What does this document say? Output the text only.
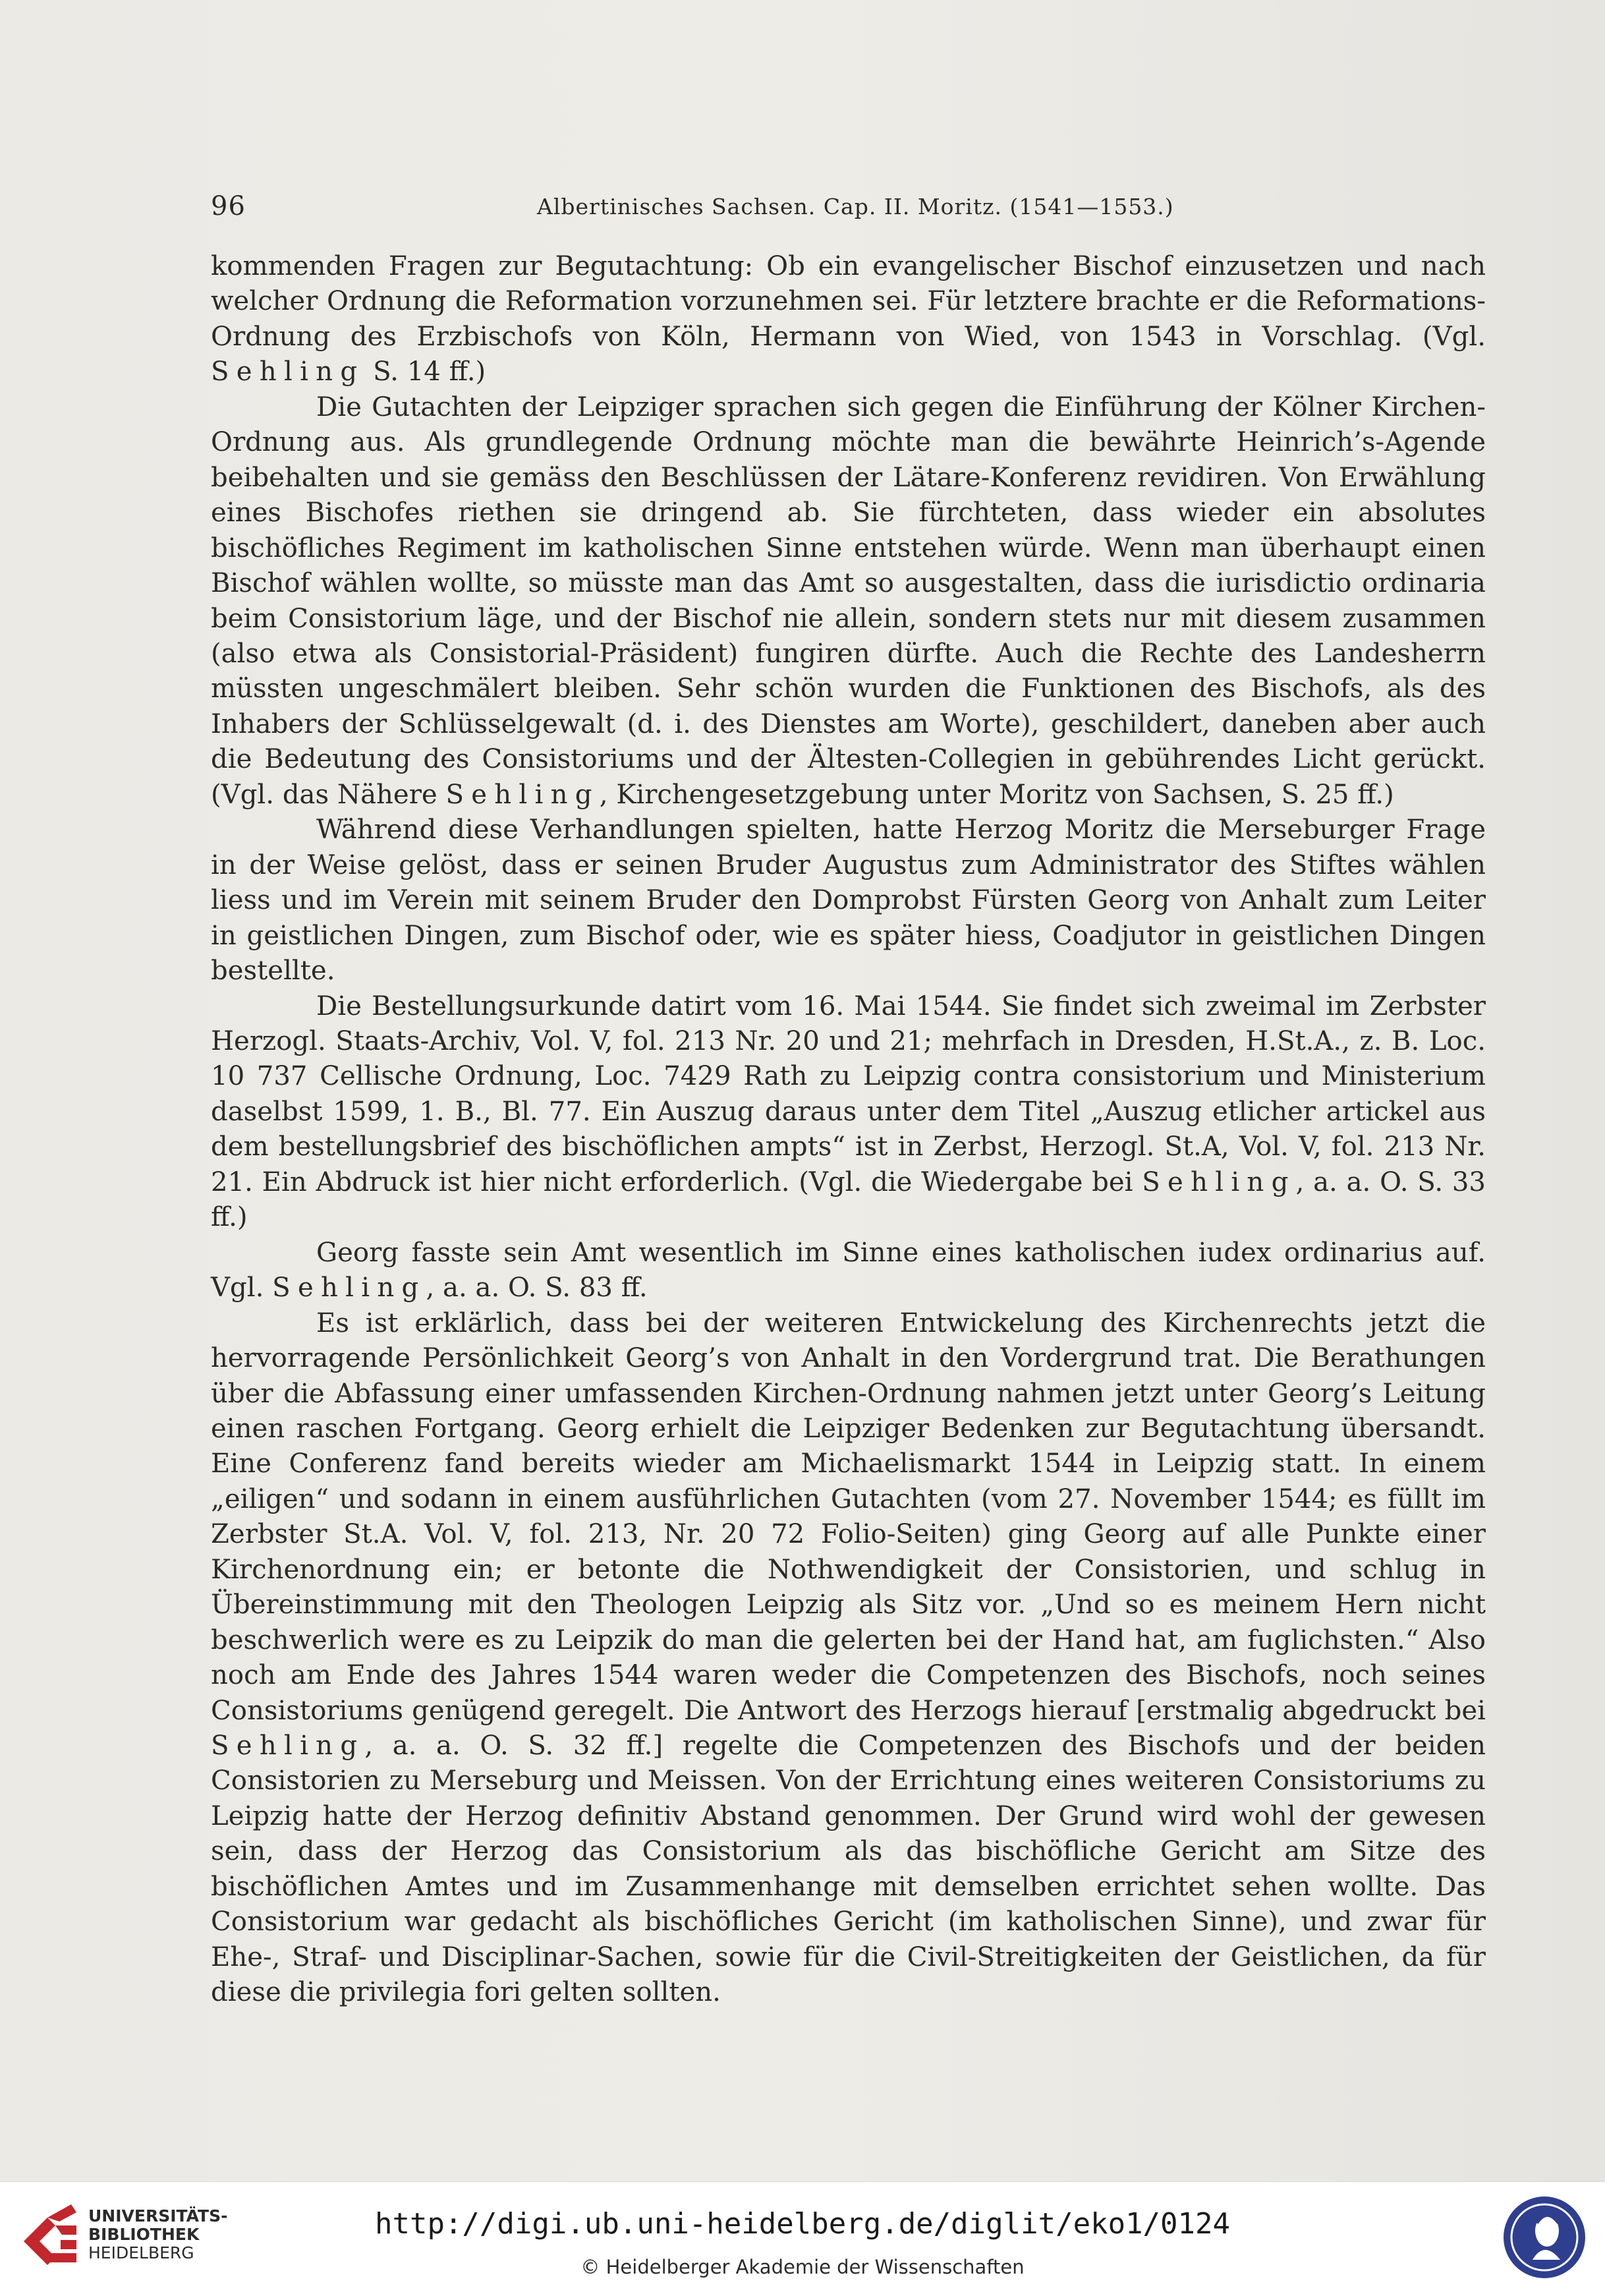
96	Albertinisches Sachsen. Cap. II. Moritz. (1541—1553.)

kommenden Fragen zur Begutachtung: Ob ein evangelischer Bischof einzusetzen und nach welcher Ordnung die Reformation vorzunehmen sei. Für letztere brachte er die Reformations-Ordnung des Erzbischofs von Köln, Hermann von Wied, von 1543 in Vorschlag. (Vgl. Sehling S. 14 ff.)

Die Gutachten der Leipziger sprachen sich gegen die Einführung der Kölner Kirchen-Ordnung aus. Als grundlegende Ordnung möchte man die bewährte Heinrich’s-Agende beibehalten und sie gemäss den Beschlüssen der Lätare-Konferenz revidiren. Von Erwählung eines Bischofes riethen sie dringend ab. Sie fürchteten, dass wieder ein absolutes bischöfliches Regiment im katholischen Sinne entstehen würde. Wenn man überhaupt einen Bischof wählen wollte, so müsste man das Amt so ausgestalten, dass die iurisdictio ordinaria beim Consistorium läge, und der Bischof nie allein, sondern stets nur mit diesem zusammen (also etwa als Consistorial-Präsident) fungiren dürfte. Auch die Rechte des Landesherrn müssten ungeschmälert bleiben. Sehr schön wurden die Funktionen des Bischofs, als des Inhabers der Schlüsselgewalt (d. i. des Dienstes am Worte), geschildert, daneben aber auch die Bedeutung des Consistoriums und der Ältesten-Collegien in gebührendes Licht gerückt. (Vgl. das Nähere Sehling, Kirchengesetzgebung unter Moritz von Sachsen, S. 25 ff.)

Während diese Verhandlungen spielten, hatte Herzog Moritz die Merseburger Frage in der Weise gelöst, dass er seinen Bruder Augustus zum Administrator des Stiftes wählen liess und im Verein mit seinem Bruder den Domprobst Fürsten Georg von Anhalt zum Leiter in geistlichen Dingen, zum Bischof oder, wie es später hiess, Coadjutor in geistlichen Dingen bestellte.

Die Bestellungsurkunde datirt vom 16. Mai 1544. Sie findet sich zweimal im Zerbster Herzogl. Staats-Archiv, Vol. V, fol. 213 Nr. 20 und 21; mehrfach in Dresden, H.St.A., z. B. Loc. 10 737 Cellische Ordnung, Loc. 7429 Rath zu Leipzig contra consistorium und Ministerium daselbst 1599, 1. B., Bl. 77. Ein Auszug daraus unter dem Titel „Auszug etlicher artickel aus dem bestellungsbrief des bischöflichen ampts“ ist in Zerbst, Herzogl. St.A, Vol. V, fol. 213 Nr. 21. Ein Abdruck ist hier nicht erforderlich. (Vgl. die Wiedergabe bei Sehling, a. a. O. S. 33 ff.)

Georg fasste sein Amt wesentlich im Sinne eines katholischen iudex ordinarius auf. Vgl. Sehling, a. a. O. S. 83 ff.

Es ist erklärlich, dass bei der weiteren Entwickelung des Kirchenrechts jetzt die hervorragende Persönlichkeit Georg’s von Anhalt in den Vordergrund trat. Die Berathungen über die Abfassung einer umfassenden Kirchen-Ordnung nahmen jetzt unter Georg’s Leitung einen raschen Fortgang. Georg erhielt die Leipziger Bedenken zur Begutachtung übersandt. Eine Conferenz fand bereits wieder am Michaelismarkt 1544 in Leipzig statt. In einem „eiligen“ und sodann in einem ausführlichen Gutachten (vom 27. November 1544; es füllt im Zerbster St.A. Vol. V, fol. 213, Nr. 20 72 Folio-Seiten) ging Georg auf alle Punkte einer Kirchenordnung ein; er betonte die Nothwendigkeit der Consistorien, und schlug in Übereinstimmung mit den Theologen Leipzig als Sitz vor. „Und so es meinem Hern nicht beschwerlich were es zu Leipzik do man die gelerten bei der Hand hat, am fuglichsten.“ Also noch am Ende des Jahres 1544 waren weder die Competenzen des Bischofs, noch seines Consistoriums genügend geregelt. Die Antwort des Herzogs hierauf [erstmalig abgedruckt bei Sehling, a. a. O. S. 32 ff.] regelte die Competenzen des Bischofs und der beiden Consistorien zu Merseburg und Meissen. Von der Errichtung eines weiteren Consistoriums zu Leipzig hatte der Herzog definitiv Abstand genommen. Der Grund wird wohl der gewesen sein, dass der Herzog das Consistorium als das bischöfliche Gericht am Sitze des bischöflichen Amtes und im Zusammenhange mit demselben errichtet sehen wollte. Das Consistorium war gedacht als bischöfliches Gericht (im katholischen Sinne), und zwar für Ehe-, Straf- und Disciplinar-Sachen, sowie für die Civil-Streitigkeiten der Geistlichen, da für diese die privilegia fori gelten sollten.

UNIVERSITÄTS-
BIBLIOTHEK
HEIDELBERG
http://digi.ub.uni-heidelberg.de/diglit/eko1/0124
© Heidelberger Akademie der Wissenschaften
